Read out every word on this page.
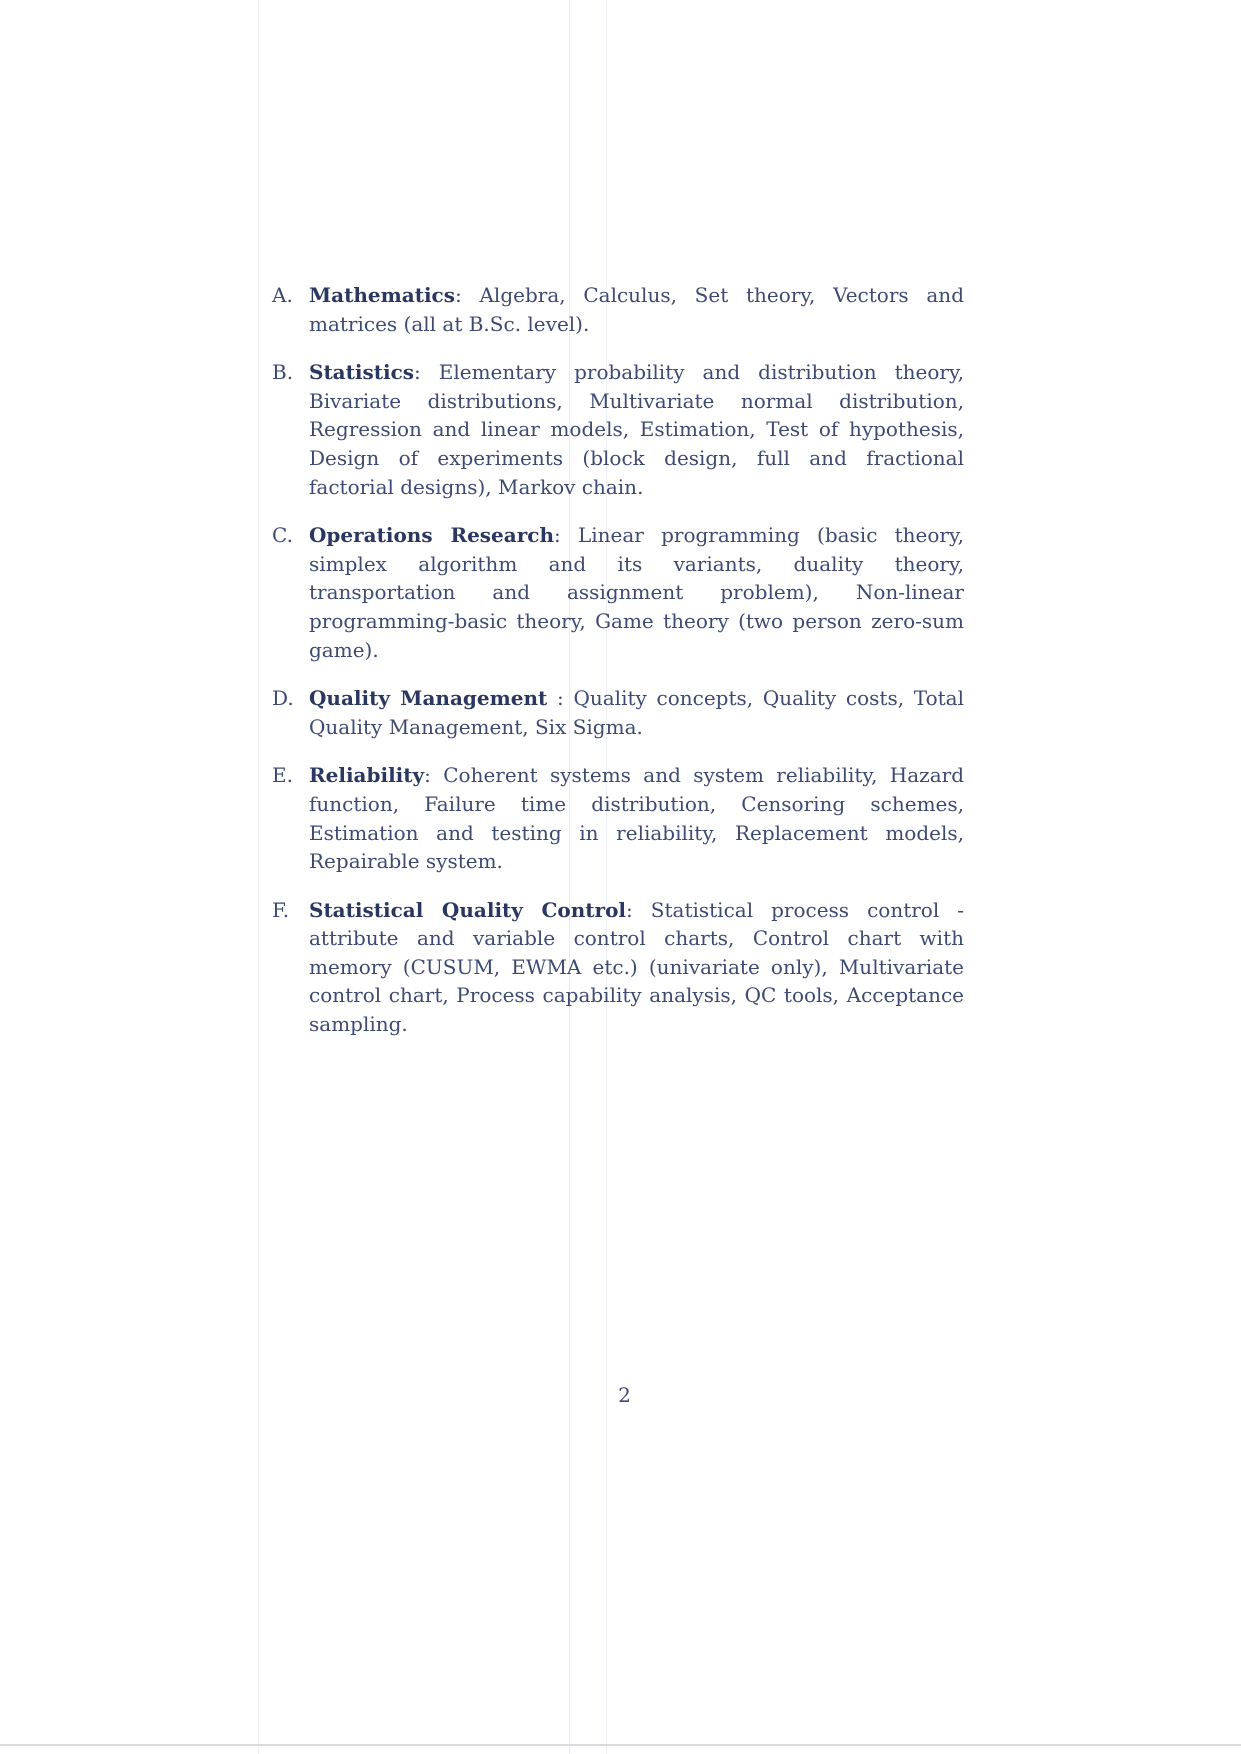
A. Mathematics: Algebra, Calculus, Set theory, Vectors and matrices (all at B.Sc. level).
B. Statistics: Elementary probability and distribution theory, Bivariate distributions, Multivariate normal distribution, Regression and linear models, Estimation, Test of hypothesis, Design of experiments (block design, full and fractional factorial designs), Markov chain.
C. Operations Research: Linear programming (basic theory, simplex algorithm and its variants, duality theory, transportation and assignment problem), Non-linear programming-basic theory, Game theory (two person zero-sum game).
D. Quality Management : Quality concepts, Quality costs, Total Quality Management, Six Sigma.
E. Reliability: Coherent systems and system reliability, Hazard function, Failure time distribution, Censoring schemes, Estimation and testing in reliability, Replacement models, Repairable system.
F. Statistical Quality Control: Statistical process control - attribute and variable control charts, Control chart with memory (CUSUM, EWMA etc.) (univariate only), Multivariate control chart, Process capability analysis, QC tools, Acceptance sampling.
2
